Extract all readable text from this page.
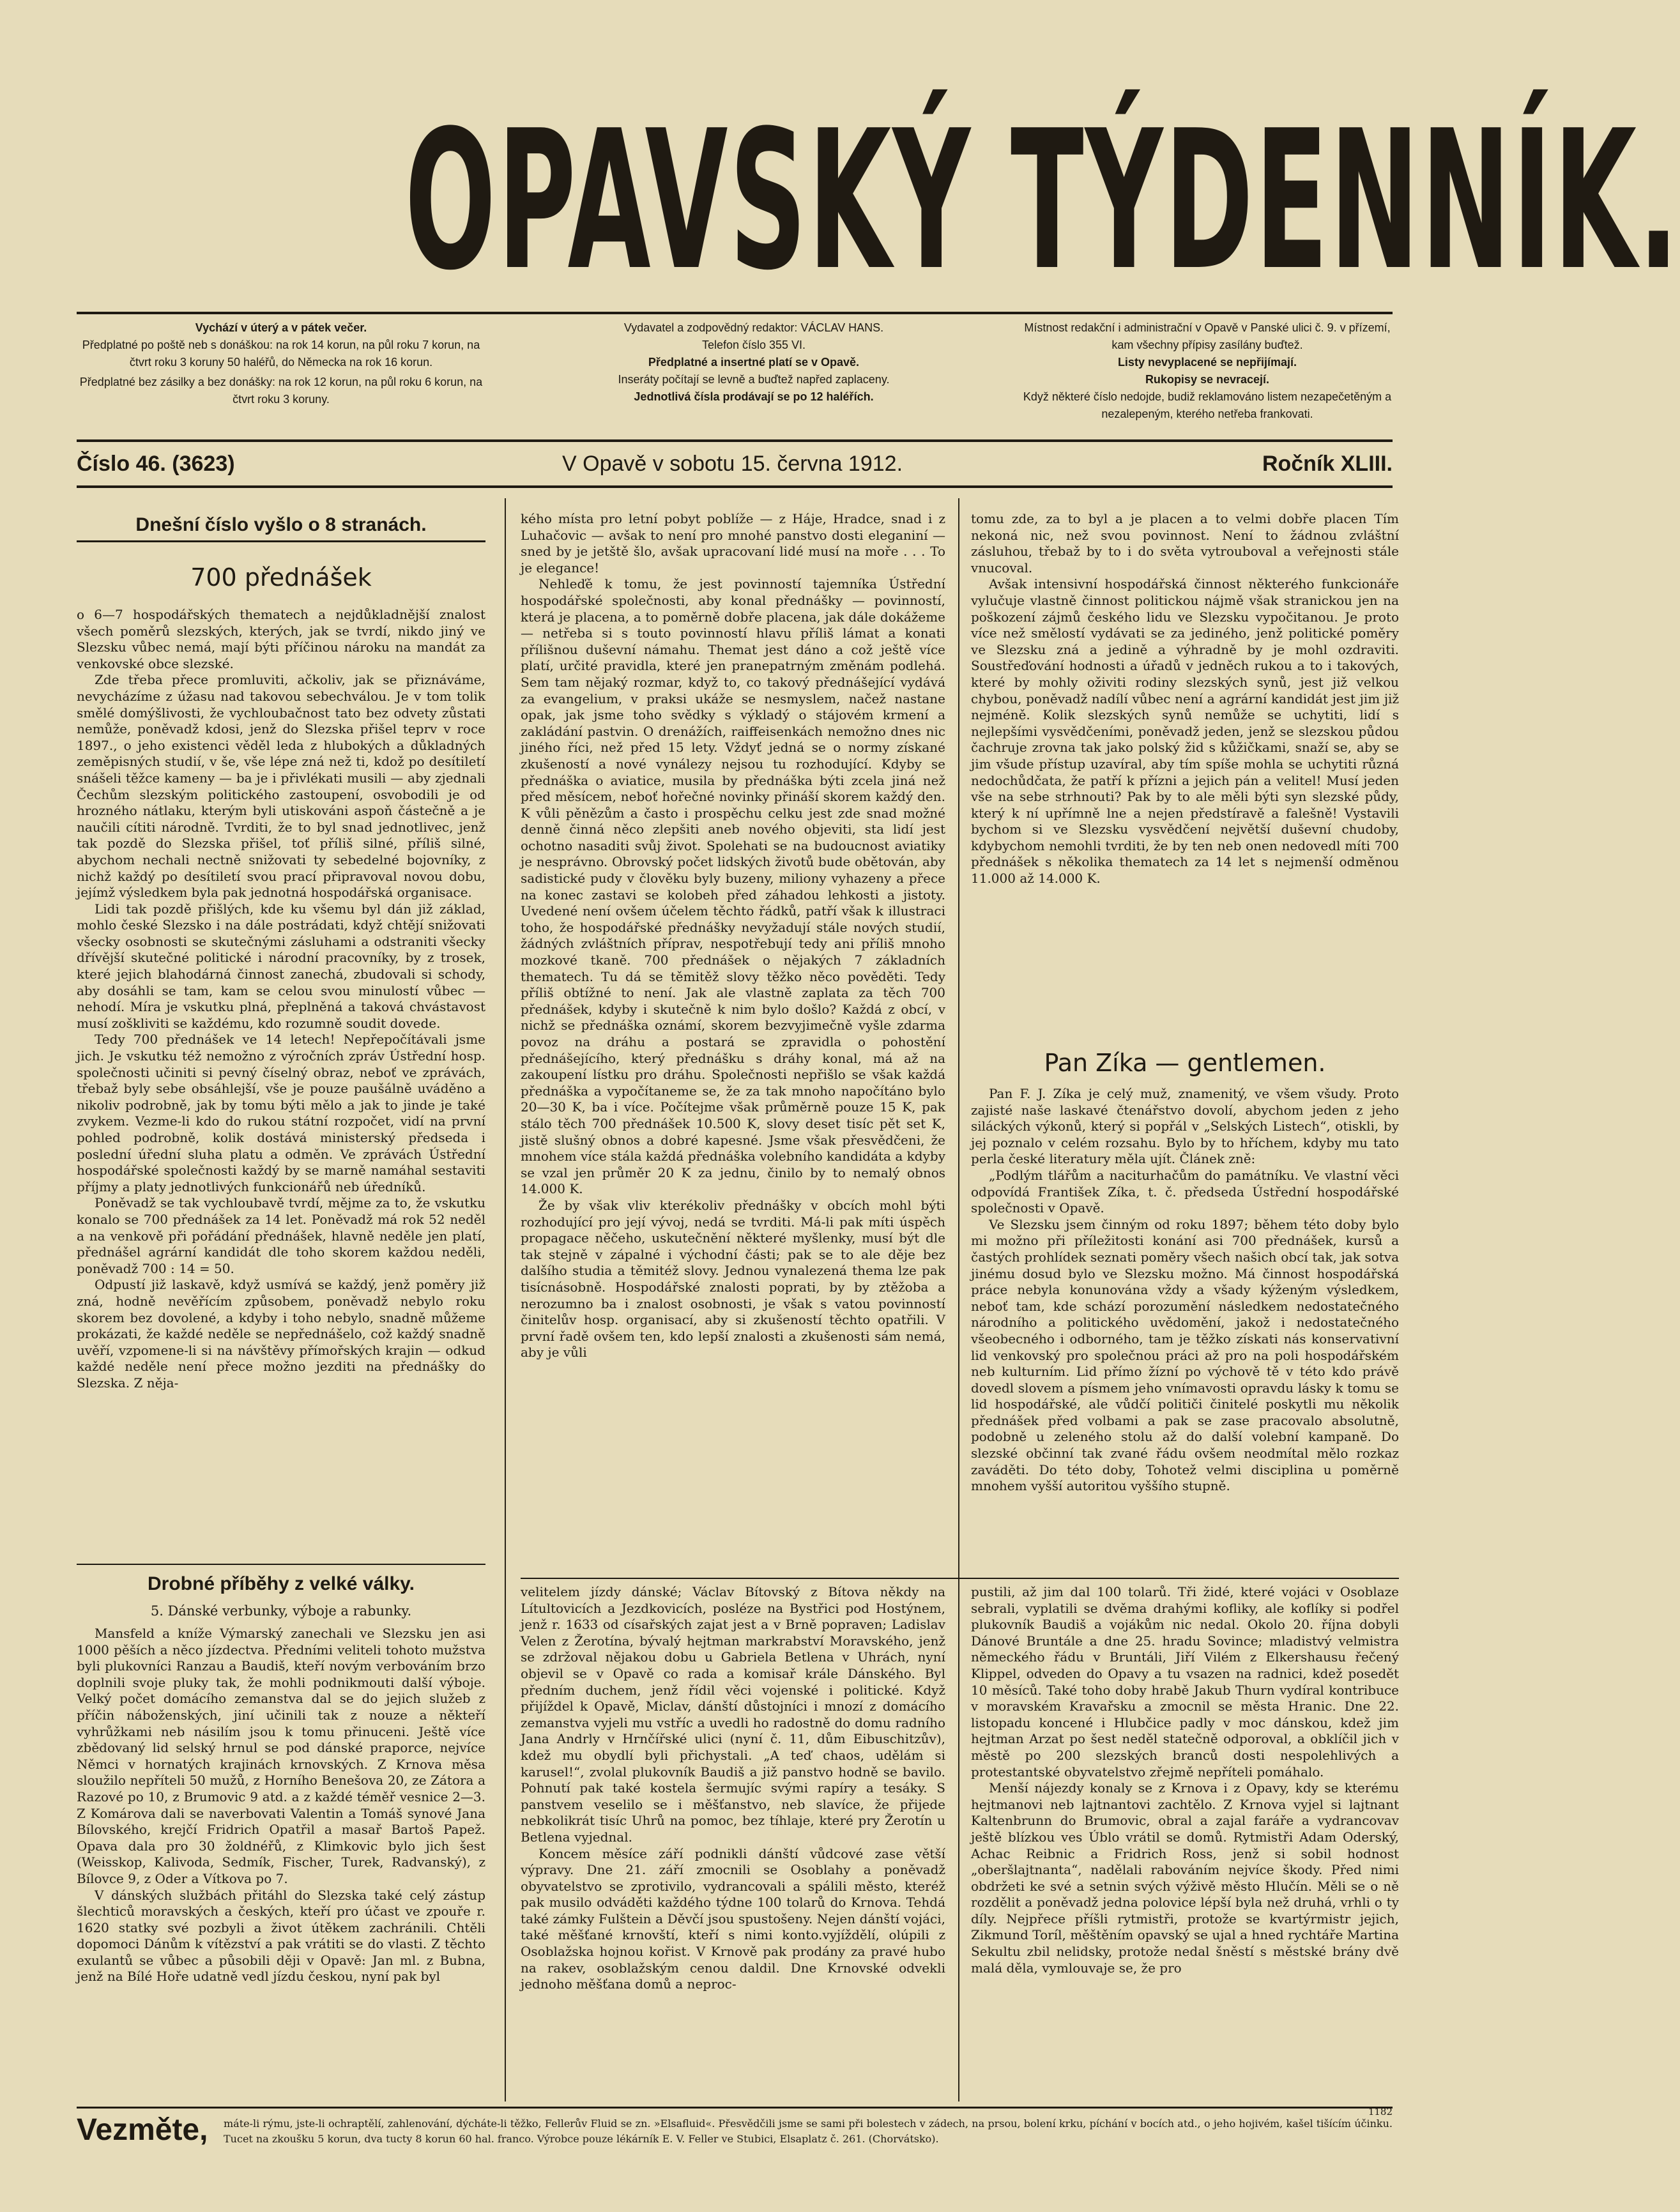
OPAVSKÝ TÝDENNÍK.

Vychází v úterý a v pátek večer.

Předplatné po poště neb s donáškou: na rok 14 korun, na půl roku 7 korun, na čtvrt roku 3 koruny 50 haléřů, do Německa na rok 16 korun.

Předplatné bez zásilky a bez donášky: na rok 12 korun, na půl roku 6 korun, na čtvrt roku 3 koruny.

Vydavatel a zodpovědný redaktor: VÁCLAV HANS.

Telefon číslo 355 VI.

Předplatné a insertné platí se v Opavě.

Inseráty počítají se levně a buďtež napřed zaplaceny.

Jednotlivá čísla prodávají se po 12 haléřích.

Místnost redakční i administrační v Opavě v Panské ulici č. 9. v přízemí, kam všechny přípisy zasílány buďtež.

Listy nevyplacené se nepřijímají.

Rukopisy se nevracejí.

Když některé číslo nedojde, budiž reklamováno listem nezapečetěným a nezalepeným, kterého netřeba frankovati.

Číslo 46. (3623)	V Opavě v sobotu 15. června 1912.	Ročník XLIII.
Dnešní číslo vyšlo o 8 stranách.
700 přednášek

o 6—7 hospodářských thematech a nejdůkladnější znalost všech poměrů slezských, kterých, jak se tvrdí, nikdo jiný ve Slezsku vůbec nemá, mají býti příčinou nároku na mandát za venkovské obce slezské.

Zde třeba přece promluviti, ačkoliv, jak se přiznáváme, nevycházíme z úžasu nad takovou sebechválou. Je v tom tolik smělé domýšlivosti, že vychloubačnost tato bez odvety zůstati nemůže, poněvadž kdosi, jenž do Slezska přišel teprv v roce 1897., o jeho existenci věděl leda z hlubokých a důkladných zeměpisných studií, v še, vše lépe zná než ti, kdož po desítiletí snášeli těžce kameny — ba je i přivlékati musili — aby zjednali Čechům slezským politického zastoupení, osvobodili je od hrozného nátlaku, kterým byli utiskováni aspoň částečně a je naučili cítiti národně. Tvrditi, že to byl snad jednotlivec, jenž tak pozdě do Slezska přišel, toť příliš silné, příliš silné, abychom nechali nectně snižovati ty sebedelné bojovníky, z nichž každý po desítiletí svou prací připravoval novou dobu, jejímž výsledkem byla pak jednotná hospodářská organisace.

Lidi tak pozdě přišlých, kde ku všemu byl dán již základ, mohlo české Slezsko i na dále postrádati, když chtějí snižovati všecky osobnosti se skutečnými zásluhami a odstraniti všecky dřívější skutečné politické i národní pracovníky, by z trosek, které jejich blahodárná činnost zanechá, zbudovali si schody, aby dosáhli se tam, kam se celou svou minulostí vůbec — nehodí. Míra je vskutku plná, přeplněná a taková chvástavost musí zoškliviti se každému, kdo rozumně soudit dovede.

Tedy 700 přednášek ve 14 letech! Nepřepočítávali jsme jich. Je vskutku též nemožno z výročních zpráv Ústřední hosp. společnosti učiniti si pevný číselný obraz, neboť ve zprávách, třebaž byly sebe obsáhlejší, vše je pouze paušálně uváděno a nikoliv podrobně, jak by tomu býti mělo a jak to jinde je také zvykem. Vezme-li kdo do rukou státní rozpočet, vidí na první pohled podrobně, kolik dostává ministerský předseda i poslední úřední sluha platu a odměn. Ve zprávách Ústřední hospodářské společnosti každý by se marně namáhal sestaviti příjmy a platy jednotlivých funkcionářů neb úředníků.

Poněvadž se tak vychloubavě tvrdí, mějme za to, že vskutku konalo se 700 přednášek za 14 let. Poněvadž má rok 52 neděl a na venkově při pořádání přednášek, hlavně neděle jen platí, přednášel agrární kandidát dle toho skorem každou neděli, poněvadž 700 : 14 = 50.

Odpustí již laskavě, když usmívá se každý, jenž poměry již zná, hodně nevěřícím způsobem, poněvadž nebylo roku skorem bez dovolené, a kdyby i toho nebylo, snadně můžeme prokázati, že každé neděle se nepřednášelo, což každý snadně uvěří, vzpomene-li si na návštěvy přímořských krajin — odkud každé neděle není přece možno jezditi na přednášky do Slezska. Z něja-

kého místa pro letní pobyt poblíže — z Háje, Hradce, snad i z Luhačovic — avšak to není pro mnohé panstvo dosti eleganiní — sned by je jetště šlo, avšak upracovaní lidé musí na moře . . . To je elegance!

Nehleďě k tomu, že jest povinností tajemníka Ústřední hospodářské společnosti, aby konal přednášky — povinností, která je placena, a to poměrně dobře placena, jak dále dokážeme — netřeba si s touto povinností hlavu příliš lámat a konati přílišnou duševní námahu. Themat jest dáno a což ještě více platí, určité pravidla, které jen pranepatrným změnám podlehá. Sem tam nějaký rozmar, když to, co takový přednášející vydává za evangelium, v praksi ukáže se nesmyslem, načež nastane opak, jak jsme toho svědky s výkladý o stájovém krmení a zakládání pastvin. O drenážích, raiffeisenkách nemožno dnes nic jiného říci, než před 15 lety. Vždyť jedná se o normy získané zkušeností a nové vynálezy nejsou tu rozhodující. Kdyby se přednáška o aviatice, musila by přednáška býti zcela jiná než před měsícem, neboť hořečné novinky přináší skorem každý den. K vůli pěnězům a často i prospěchu celku jest zde snad možné denně činná něco zlepšiti aneb nového objeviti, sta lidí jest ochotno nasaditi svůj život. Spolehati se na budoucnost aviatiky je nesprávno. Obrovský počet lidských životů bude obětován, aby sadistické pudy v člověku byly buzeny, miliony vyhazeny a přece na konec zastavi se kolobeh před záhadou lehkosti a jistoty. Uvedené není ovšem účelem těchto řádků, patří však k illustraci toho, že hospodářské přednášky nevyžadují stále nových studií, žádných zvláštních příprav, nespotřebují tedy ani příliš mnoho mozkové tkaně. 700 přednášek o nějakých 7 základních thematech. Tu dá se těmitěž slovy těžko něco pověděti. Tedy příliš obtížné to není. Jak ale vlastně zaplata za těch 700 přednášek, kdyby i skutečně k nim bylo došlo? Každá z obcí, v nichž se přednáška oznámí, skorem bezvyjimečně vyšle zdarma povoz na dráhu a postará se zpravidla o pohostění přednášejícího, který přednášku s dráhy konal, má až na zakoupení lístku pro dráhu. Společnosti nepřišlo se však každá přednáška a vypočítaneme se, že za tak mnoho napočítáno bylo 20—30 K, ba i více. Počítejme však průměrně pouze 15 K, pak stálo těch 700 přednášek 10.500 K, slovy deset tisíc pět set K, jistě slušný obnos a dobré kapesné. Jsme však přesvědčeni, že mnohem více stála každá přednáška volebního kandidáta a kdyby se vzal jen průměr 20 K za jednu, činilo by to nemalý obnos 14.000 K.

Že by však vliv kterékoliv přednášky v obcích mohl býti rozhodující pro její vývoj, nedá se tvrditi. Má-li pak míti úspěch propagace něčeho, uskutečnění některé myšlenky, musí být dle tak stejně v zápalné i východní části; pak se to ale děje bez dalšího studia a těmitéž slovy. Jednou vynalezená thema lze pak tisícnásobně. Hospodářské znalosti poprati, by by ztěžoba a nerozumno ba i znalost osobnosti, je však s vatou povinností činitelův hosp. organisací, aby si zkušeností těchto opatřili. V první řadě ovšem ten, kdo lepší znalosti a zkušenosti sám nemá, aby je vůli

tomu zde, za to byl a je placen a to velmi dobře placen Tím nekoná nic, než svou povinnost. Není to žádnou zvláštní zásluhou, třebaž by to i do světa vytrouboval a veřejnosti stále vnucoval.

Avšak intensivní hospodářská činnost některého funkcionáře vylučuje vlastně činnost politickou nájmě však stranickou jen na poškození zájmů českého lidu ve Slezsku vypočitanou. Je proto více než smělostí vydávati se za jediného, jenž politické poměry ve Slezsku zná a jedině a výhradně by je mohl ozdraviti. Soustřeďování hodnosti a úřadů v jedněch rukou a to i takových, které by mohly oživiti rodiny slezských synů, jest již velkou chybou, poněvadž nadílí vůbec není a agrární kandidát jest jim již nejméně. Kolik slezských synů nemůže se uchytiti, lidí s nejlepšími vysvědčeními, poněvadž jeden, jenž se slezskou půdou čachruje zrovna tak jako polský žid s kůžičkami, snaží se, aby se jim všude přístup uzavíral, aby tím spíše mohla se uchytiti různá nedochůdčata, že patří k přízni a jejich pán a velitel! Musí jeden vše na sebe strhnouti? Pak by to ale měli býti syn slezské půdy, který k ní upřímně lne a nejen předstíravě a falešně! Vystavili bychom si ve Slezsku vysvědčení největší duševní chudoby, kdybychom nemohli tvrditi, že by ten neb onen nedovedl míti 700 přednášek s několika thematech za 14 let s nejmenší odměnou 11.000 až 14.000 K.

Pan Zíka — gentlemen.

Pan F. J. Zíka je celý muž, znamenitý, ve všem všudy. Proto zajisté naše laskavé čtenářstvo dovolí, abychom jeden z jeho siláckých výkonů, který si popřál v „Selských Listech“, otiskli, by jej poznalo v celém rozsahu. Bylo by to hříchem, kdyby mu tato perla české literatury měla ujít. Článek zně:

„Podlým tlářům a naciturhačům do památníku. Ve vlastní věci odpovídá František Zíka, t. č. předseda Ústřední hospodářské společnosti v Opavě.

Ve Slezsku jsem činným od roku 1897; během této doby bylo mi možno při příležitosti konání asi 700 přednášek, kursů a častých prohlídek seznati poměry všech našich obcí tak, jak sotva jinému dosud bylo ve Slezsku možno. Má činnost hospodářská práce nebyla konunována vždy a všady kýženým výsledkem, neboť tam, kde schází porozumění následkem nedostatečného národního a politického uvědomění, jakož i nedostatečného všeobecného i odborného, tam je těžko získati nás konservativní lid venkovský pro společnou práci až pro na poli hospodářském neb kulturním. Lid přímo žízní po výchově tě v této kdo právě dovedl slovem a písmem jeho vnímavosti opravdu lásky k tomu se lid hospodářské, ale vůdčí političi činitelé poskytli mu několik přednášek před volbami a pak se zase pracovalo absolutně, podobně u zeleného stolu až do další volební kampaně. Do slezské občinní tak zvané řádu ovšem neodmítal mělo rozkaz zaváděti. Do této doby, Tohotež velmi disciplina u poměrně mnohem vyšší autoritou vyššího stupně.

Drobné příběhy z velké války.
5. Dánské verbunky, výboje a rabunky.

Mansfeld a kníže Výmarský zanechali ve Slezsku jen asi 1000 pěších a něco jízdectva. Předními veliteli tohoto mužstva byli plukovníci Ranzau a Baudiš, kteří novým verbováním brzo doplnili svoje pluky tak, že mohli podnikmouti další výboje. Velký počet domácího zemanstva dal se do jejich služeb z příčin náboženských, jiní učinili tak z nouze a někteří vyhrůžkami neb násilím jsou k tomu přinuceni. Ještě více zbědovaný lid selský hrnul se pod dánské praporce, nejvíce Němci v hornatých krajinách krnovských. Z Krnova měsa sloužilo nepříteli 50 mužů, z Horního Benešova 20, ze Zátora a Razové po 10, z Brumovic 9 atd. a z každé téměř vesnice 2—3. Z Komárova dali se naverbovati Valentin a Tomáš synové Jana Bílovského, krejčí Fridrich Opatřil a masař Bartoš Papež. Opava dala pro 30 žoldnéřů, z Klimkovic bylo jich šest (Weisskop, Kalivoda, Sedmík, Fischer, Turek, Radvanský), z Bílovce 9, z Oder a Vítkova po 7.

V dánských službách přitáhl do Slezska také celý zástup šlechticů moravských a českých, kteří pro účast ve zpouře r. 1620 statky své pozbyli a život útěkem zachránili. Chtěli dopomoci Dánům k vítězství a pak vrátiti se do vlasti. Z těchto exulantů se vůbec a působili ději v Opavě: Jan ml. z Bubna, jenž na Bílé Hoře udatně vedl jízdu českou, nyní pak byl

velitelem jízdy dánské; Václav Bítovský z Bítova někdy na Lítultovicích a Jezdkovicích, posléze na Bystřici pod Hostýnem, jenž r. 1633 od císařských zajat jest a v Brně popraven; Ladislav Velen z Žerotína, bývalý hejtman markrabství Moravského, jenž se zdržoval nějakou dobu u Gabriela Betlena v Uhrách, nyní objevil se v Opavě co rada a komisař krále Dánského. Byl předním duchem, jenž řídil věci vojenské i politické. Když přijíždel k Opavě, Miclav, dánští důstojníci i mnozí z domácího zemanstva vyjeli mu vstříc a uvedli ho radostně do domu radního Jana Andrly v Hrnčířské ulici (nyní č. 11, dům Eibuschitzův), kdež mu obydlí byli přichystali. „A teď chaos, udělám si karusel!“, zvolal plukovník Baudiš a již panstvo hodně se bavilo. Pohnutí pak také kostela šermujíc svými rapíry a tesáky. S panstvem veselilo se i měšťanstvo, neb slavíce, že přijede nebkolikrát tisíc Uhrů na pomoc, bez tíhlaje, které pry Žerotín u Betlena vyjednal.

Koncem měsíce září podnikli dánští vůdcové zase větší výpravy. Dne 21. září zmocnili se Osoblahy a poněvadž obyvatelstvo se zprotivilo, vydrancovali a spálili město, kteréž pak musilo odváděti každého týdne 100 tolarů do Krnova. Tehdá také zámky Fulštein a Děvčí jsou spustošeny. Nejen dánští vojáci, také měšťané krnovští, kteří s nimi konto.vyjíždělí, olúpili z Osoblažska hojnou kořist. V Krnově pak prodány za pravé hubo na rakev, osoblažským cenou daldil. Dne Krnovské odvekli jednoho měšťana domů a neproc-

pustili, až jim dal 100 tolarů. Tři židé, které vojáci v Osoblaze sebrali, vyplatili se dvěma drahými kofliky, ale koflíky si podřel plukovník Baudiš a vojákům nic nedal. Okolo 20. října dobyli Dánové Bruntále a dne 25. hradu Sovince; mladistvý velmistra německého řádu v Bruntáli, Jiří Vilém z Elkershausu řečený Klippel, odveden do Opavy a tu vsazen na radnici, kdež posedět 10 měsíců. Také toho doby hrabě Jakub Thurn vydíral kontribuce v moravském Kravařsku a zmocnil se města Hranic. Dne 22. listopadu koncené i Hlubčice padly v moc dánskou, kdež jim hejtman Arzat po šest neděl statečně odporoval, a obklíčil jich v městě po 200 slezských branců dosti nespolehlivých a protestantské obyvatelstvo zřejmě nepříteli pomáhalo.

Menší nájezdy konaly se z Krnova i z Opavy, kdy se kterému hejtmanovi neb lajtnantovi zachtělo. Z Krnova vyjel si lajtnant Kaltenbrunn do Brumovic, obral a zajal faráře a vydrancovav ještě blízkou ves Úblo vrátil se domů. Rytmistři Adam Oderský, Achac Reibnic a Fridrich Ross, jenž si sobil hodnost „oberšlajtnanta“, nadělali rabováním nejvíce škody. Před nimi obdržeti ke své a setnin svých výživě město Hlučín. Měli se o ně rozdělit a poněvadž jedna polovice lépší byla než druhá, vrhli o ty díly. Nejpřece příšli rytmistři, protože se kvartýrmistr jejich, Zikmund Toríl, měštěním opavský se ujal a hned rychtáře Martina Sekultu zbil nelidsky, protože nedal šněstí s městské brány dvě malá děla, vymlouvaje se, že pro

Vezměte, máte-li rýmu, jste-li ochraptělí, zahlenování, dýcháte-li těžko, Fellerův Fluid se zn. »Elsafluid«. Přesvědčili jsme se sami při bolestech v zádech, na prsou, bolení krku, píchání v bocích atd., o jeho hojivém, kašel tišícím účinku. Tucet na zkoušku 5 korun, dva tucty 8 korun 60 hal. franco. Výrobce pouze lékárník E. V. Feller ve Stubici, Elsaplatz č. 261. (Chorvátsko).
1182
